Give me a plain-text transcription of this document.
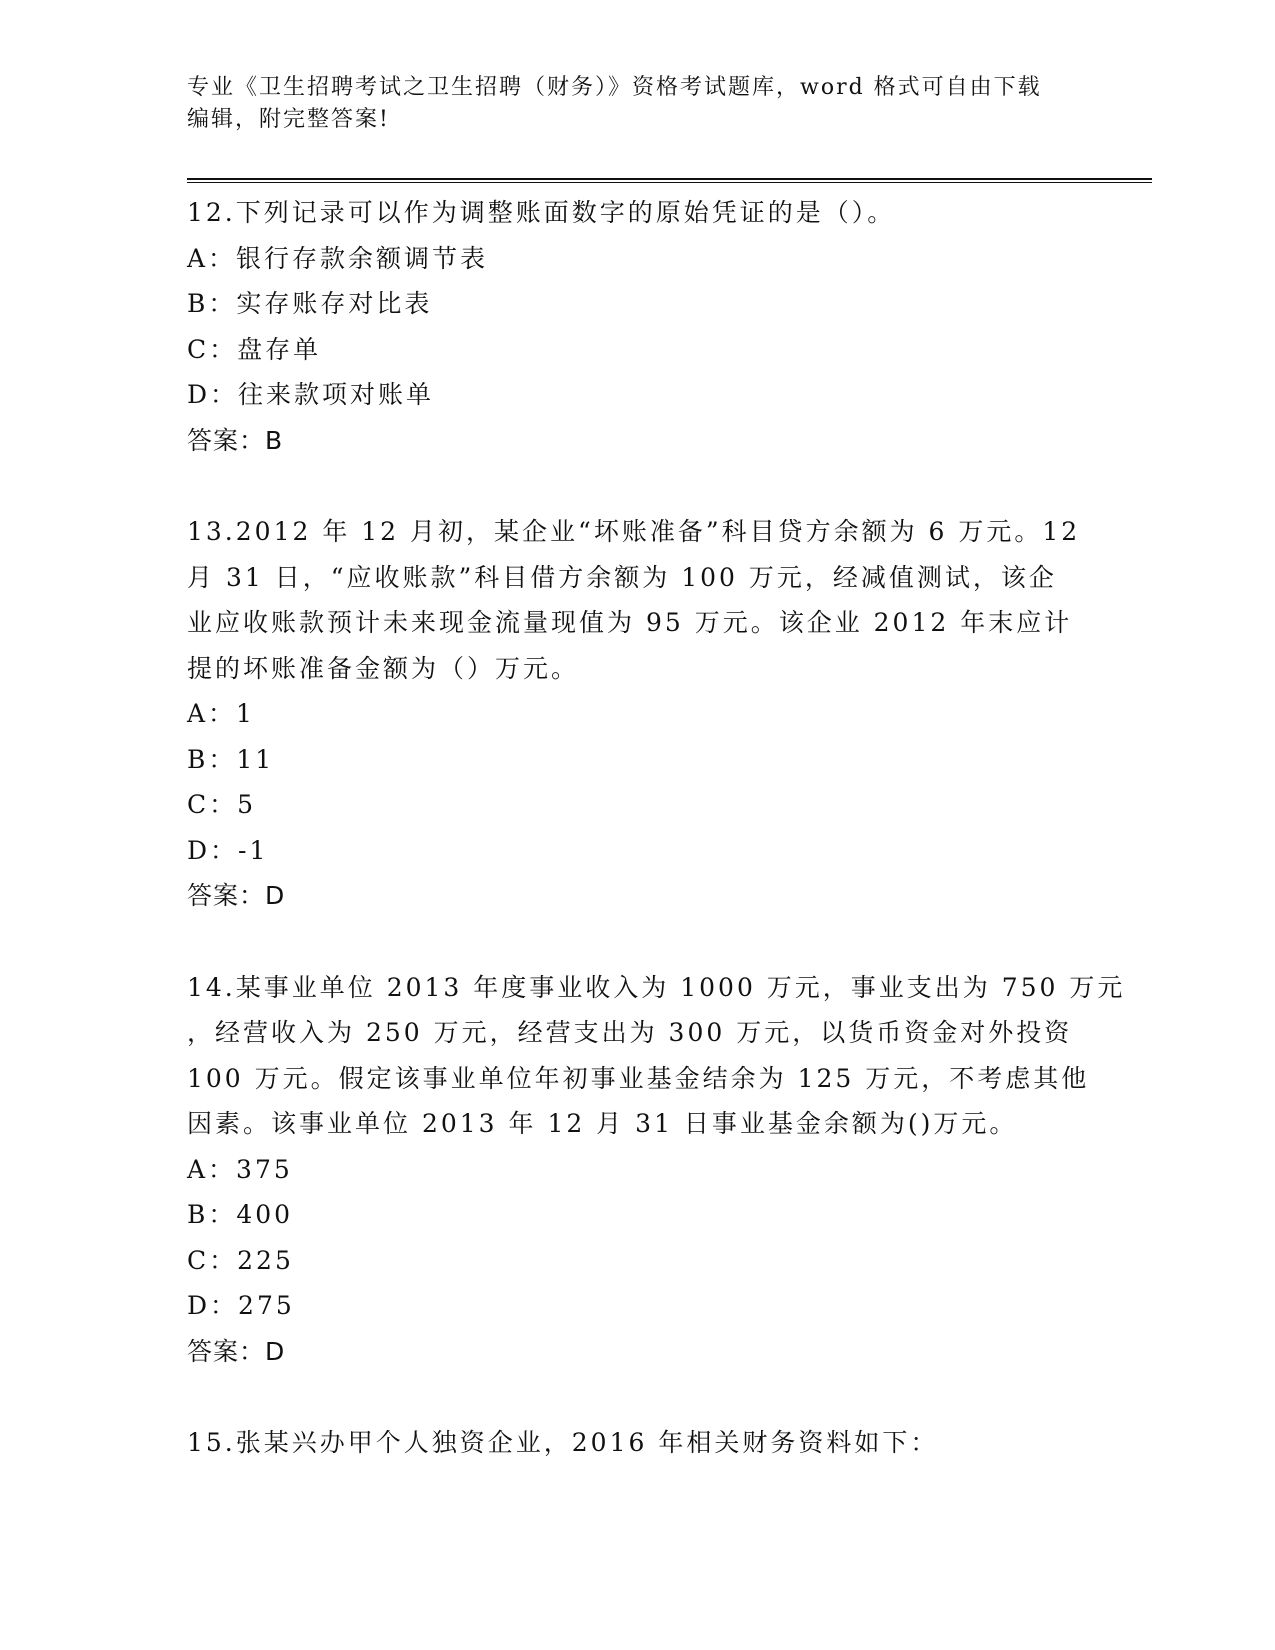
专业《卫生招聘考试之卫生招聘（财务）》资格考试题库，word 格式可自由下载
编辑，附完整答案!
12.下列记录可以作为调整账面数字的原始凭证的是（）。
A：银行存款余额调节表
B：实存账存对比表
C：盘存单
D：往来款项对账单
答案：B
13.2012 年 12 月初，某企业“坏账准备”科目贷方余额为 6 万元。12
月 31 日，“应收账款”科目借方余额为 100 万元，经减值测试，该企
业应收账款预计未来现金流量现值为 95 万元。该企业 2012 年末应计
提的坏账准备金额为（）万元。
A：1
B：11
C：5
D：-1
答案：D
14.某事业单位 2013 年度事业收入为 1000 万元，事业支出为 750 万元
，经营收入为 250 万元，经营支出为 300 万元，以货币资金对外投资
100 万元。假定该事业单位年初事业基金结余为 125 万元，不考虑其他
因素。该事业单位 2013 年 12 月 31 日事业基金余额为()万元。
A：375
B：400
C：225
D：275
答案：D
15.张某兴办甲个人独资企业，2016 年相关财务资料如下：
